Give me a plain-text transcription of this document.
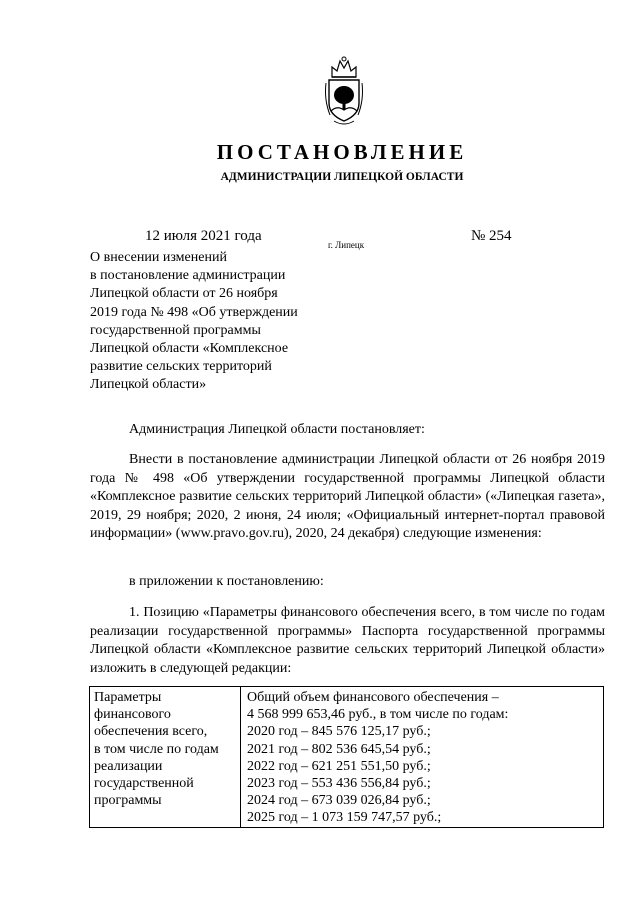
ПОСТАНОВЛЕНИЕ
АДМИНИСТРАЦИИ ЛИПЕЦКОЙ ОБЛАСТИ
12 июля 2021 года
г. Липецк
№ 254
О внесении изменений
в постановление администрации
Липецкой области от 26 ноября
2019 года № 498 «Об утверждении
государственной программы
Липецкой области «Комплексное
развитие сельских территорий
Липецкой области»
Администрация Липецкой области постановляет:
Внести в постановление администрации Липецкой области от 26 ноября 2019 года № 498 «Об утверждении государственной программы Липецкой области «Комплексное развитие сельских территорий Липецкой области» («Липецкая газета», 2019, 29 ноября; 2020, 2 июня, 24 июля; «Официальный интернет-портал правовой информации» (www.pravo.gov.ru), 2020, 24 декабря) следующие изменения:
в приложении к постановлению:
1. Позицию «Параметры финансового обеспечения всего, в том числе по годам реализации государственной программы» Паспорта государственной программы Липецкой области «Комплексное развитие сельских территорий Липецкой области» изложить в следующей редакции:
Параметры
финансового
обеспечения всего,
в том числе по годам
реализации
государственной
программы
Общий объем финансового обеспечения –
4 568 999 653,46 руб., в том числе по годам:
2020 год – 845 576 125,17 руб.;
2021 год – 802 536 645,54 руб.;
2022 год – 621 251 551,50 руб.;
2023 год – 553 436 556,84 руб.;
2024 год – 673 039 026,84 руб.;
2025 год – 1 073 159 747,57 руб.;
